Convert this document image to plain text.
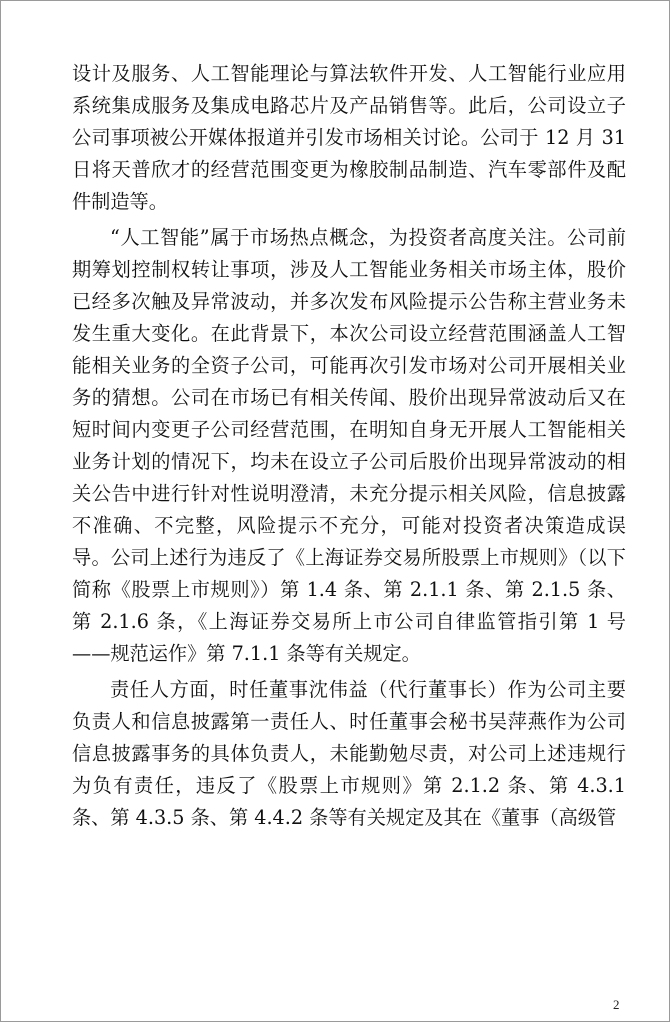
设计及服务、人工智能理论与算法软件开发、人工智能行业应用系统集成服务及集成电路芯片及产品销售等。此后，公司设立子公司事项被公开媒体报道并引发市场相关讨论。公司于 12 月 31 日将天普欣才的经营范围变更为橡胶制品制造、汽车零部件及配件制造等。

“人工智能”属于市场热点概念，为投资者高度关注。公司前期筹划控制权转让事项，涉及人工智能业务相关市场主体，股价已经多次触及异常波动，并多次发布风险提示公告称主营业务未发生重大变化。在此背景下，本次公司设立经营范围涵盖人工智能相关业务的全资子公司，可能再次引发市场对公司开展相关业务的猜想。公司在市场已有相关传闻、股价出现异常波动后又在短时间内变更子公司经营范围，在明知自身无开展人工智能相关业务计划的情况下，均未在设立子公司后股价出现异常波动的相关公告中进行针对性说明澄清，未充分提示相关风险，信息披露不准确、不完整，风险提示不充分，可能对投资者决策造成误导。公司上述行为违反了《上海证券交易所股票上市规则》（以下简称《股票上市规则》）第 1.4 条、第 2.1.1 条、第 2.1.5 条、第 2.1.6 条，《上海证券交易所上市公司自律监管指引第 1 号——规范运作》第 7.1.1 条等有关规定。

责任人方面，时任董事沈伟益（代行董事长）作为公司主要负责人和信息披露第一责任人、时任董事会秘书吴萍燕作为公司信息披露事务的具体负责人，未能勤勉尽责，对公司上述违规行为负有责任，违反了《股票上市规则》第 2.1.2 条、第 4.3.1 条、第 4.3.5 条、第 4.4.2 条等有关规定及其在《董事（高级管

2
